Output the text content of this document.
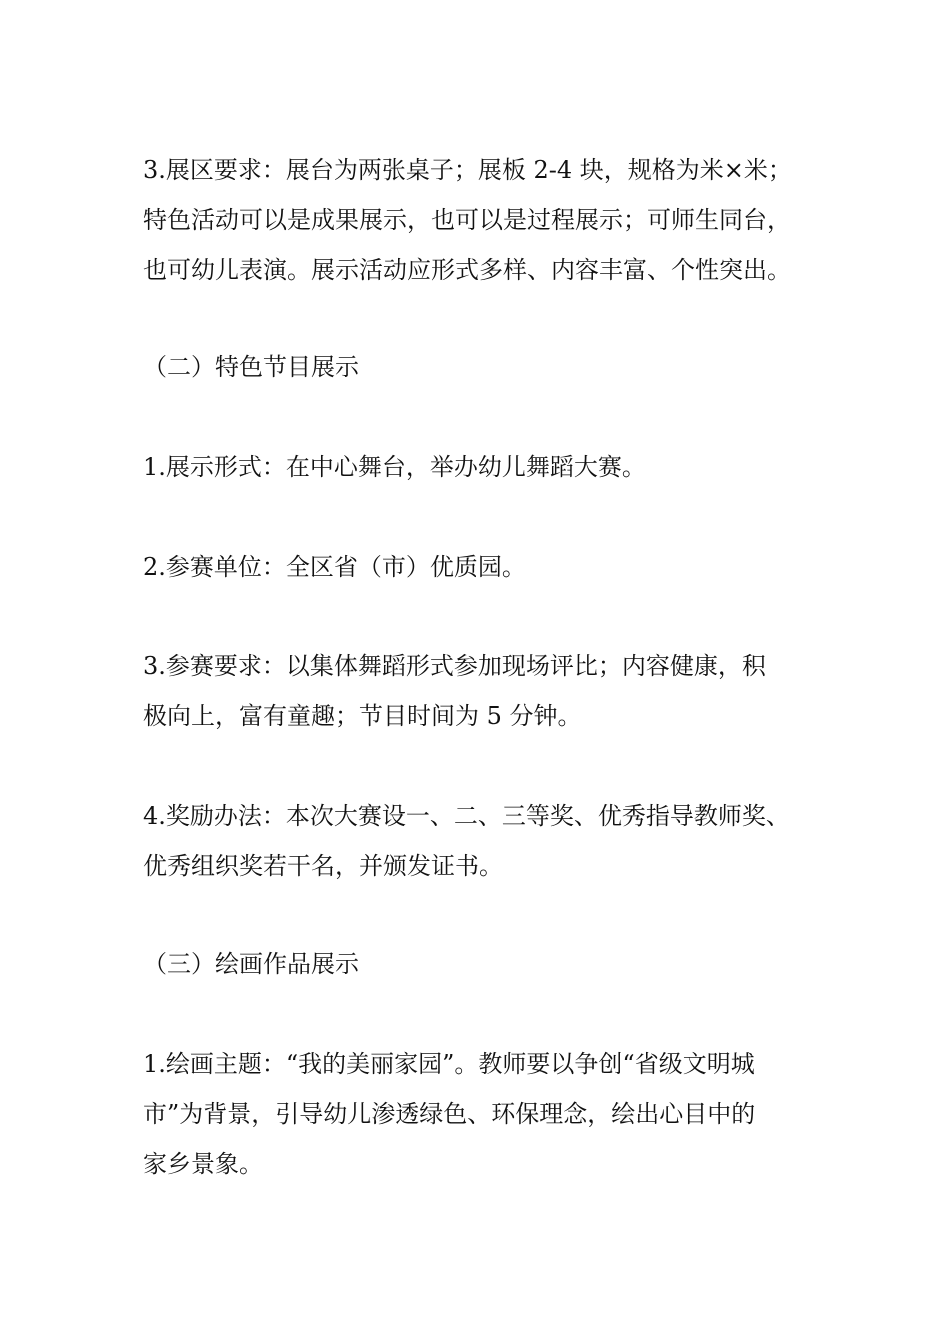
3.展区要求：展台为两张桌子；展板 2-4 块，规格为米×米；
特色活动可以是成果展示，也可以是过程展示；可师生同台，
也可幼儿表演。展示活动应形式多样、内容丰富、个性突出。
（二）特色节目展示
1.展示形式：在中心舞台，举办幼儿舞蹈大赛。
2.参赛单位：全区省（市）优质园。
3.参赛要求：以集体舞蹈形式参加现场评比；内容健康，积
极向上，富有童趣；节目时间为 5 分钟。
4.奖励办法：本次大赛设一、二、三等奖、优秀指导教师奖、
优秀组织奖若干名，并颁发证书。
（三）绘画作品展示
1.绘画主题：“我的美丽家园”。教师要以争创“省级文明城
市”为背景，引导幼儿渗透绿色、环保理念，绘出心目中的
家乡景象。
